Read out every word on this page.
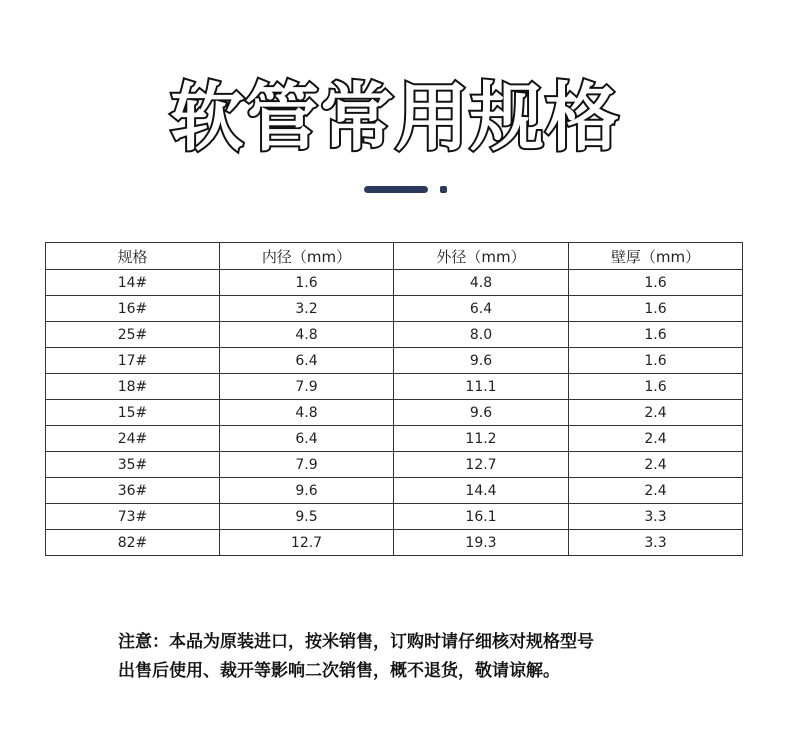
软管常用规格
规格	内径（mm）	外径（mm）	壁厚（mm）
14#	1.6	4.8	1.6
16#	3.2	6.4	1.6
25#	4.8	8.0	1.6
17#	6.4	9.6	1.6
18#	7.9	11.1	1.6
15#	4.8	9.6	2.4
24#	6.4	11.2	2.4
35#	7.9	12.7	2.4
36#	9.6	14.4	2.4
73#	9.5	16.1	3.3
82#	12.7	19.3	3.3
注意：本品为原装进口，按米销售，订购时请仔细核对规格型号
出售后使用、裁开等影响二次销售，概不退货，敬请谅解。
